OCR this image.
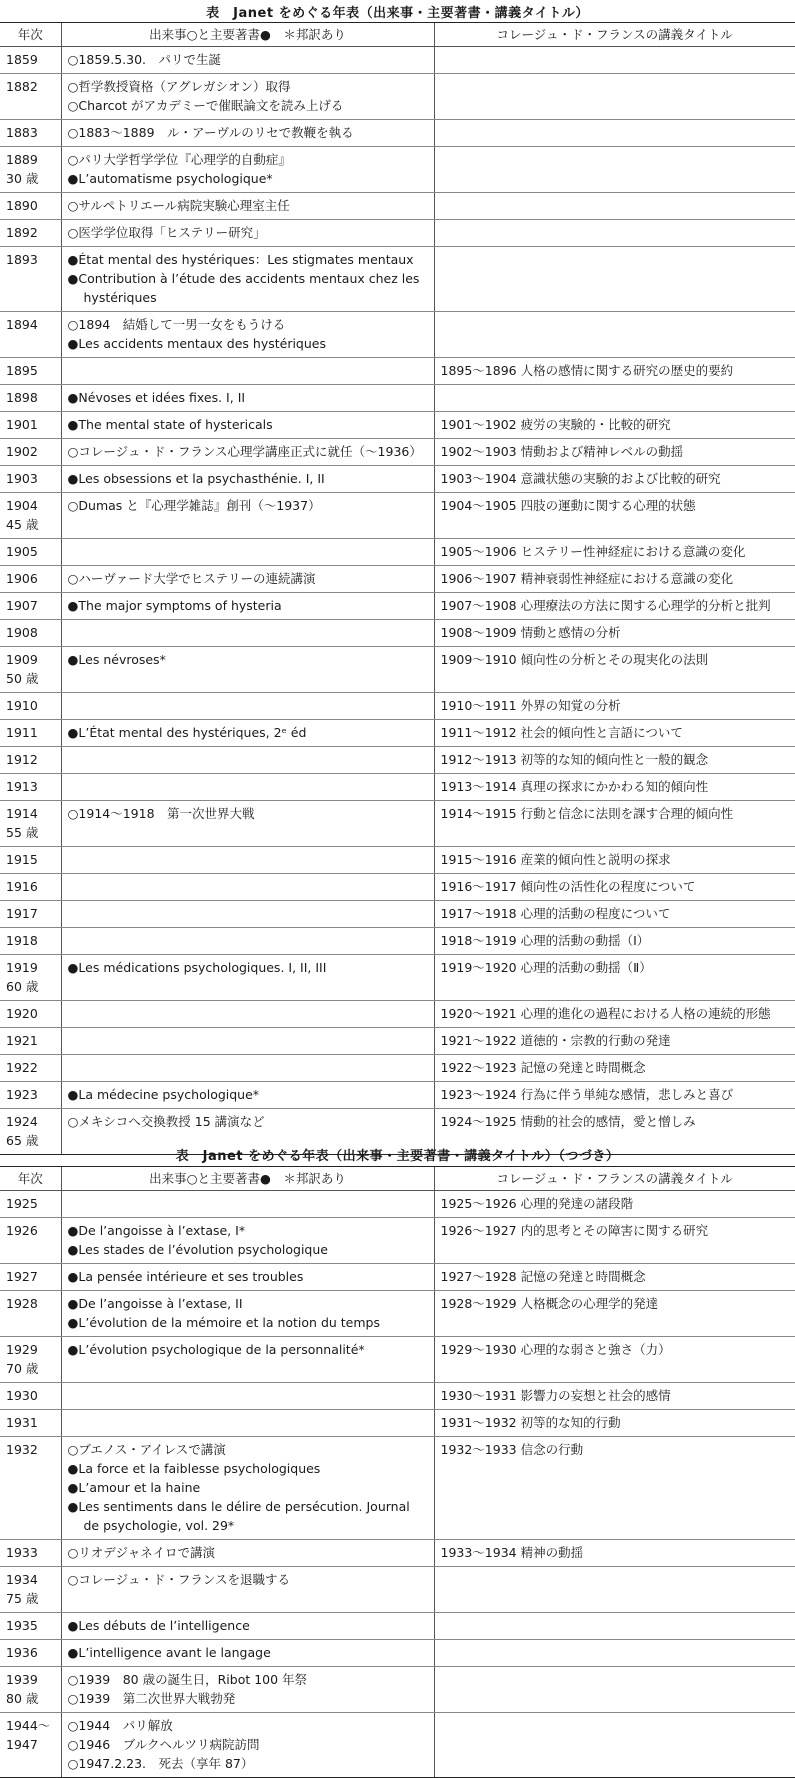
表　Janet をめぐる年表（出来事・主要著書・講義タイトル）
年次	出来事○と主要著書●　＊邦訳あり	コレージュ・ド・フランスの講義タイトル

1859	○1859.5.30.　パリで生誕	

1882	○哲学教授資格（アグレガシオン）取得
○Charcot がアカデミーで催眠論文を読み上げる	

1883	○1883〜1889　ル・アーヴルのリセで教鞭を執る	

1889
30 歳	○パリ大学哲学学位『心理学的自動症』
●L’automatisme psychologique*	

1890	○サルペトリエール病院実験心理室主任	

1892	○医学学位取得「ヒステリー研究」	

1893	●État mental des hystériques：Les stigmates mentaux
●Contribution à l’étude des accidents mentaux chez les hystériques	

1894	○1894　結婚して一男一女をもうける
●Les accidents mentaux des hystériques	

1895		1895〜1896 人格の感情に関する研究の歴史的要約

1898	●Névoses et idées fixes. I, II	

1901	●The mental state of hystericals	1901〜1902 疲労の実験的・比較的研究

1902	○コレージュ・ド・フランス心理学講座正式に就任（〜1936）	1902〜1903 情動および精神レベルの動揺

1903	●Les obsessions et la psychasthénie. I, II	1903〜1904 意識状態の実験的および比較的研究

1904
45 歳	○Dumas と『心理学雑誌』創刊（〜1937）	1904〜1905 四肢の運動に関する心理的状態

1905		1905〜1906 ヒステリー性神経症における意識の変化

1906	○ハーヴァード大学でヒステリーの連続講演	1906〜1907 精神衰弱性神経症における意識の変化

1907	●The major symptoms of hysteria	1907〜1908 心理療法の方法に関する心理学的分析と批判

1908		1908〜1909 情動と感情の分析

1909
50 歳	●Les névroses*	1909〜1910 傾向性の分析とその現実化の法則

1910		1910〜1911 外界の知覚の分析

1911	●L’État mental des hystériques, 2ᵉ éd	1911〜1912 社会的傾向性と言語について

1912		1912〜1913 初等的な知的傾向性と一般的観念

1913		1913〜1914 真理の探求にかかわる知的傾向性

1914
55 歳	○1914〜1918　第一次世界大戦	1914〜1915 行動と信念に法則を課す合理的傾向性

1915		1915〜1916 産業的傾向性と説明の探求

1916		1916〜1917 傾向性の活性化の程度について

1917		1917〜1918 心理的活動の程度について

1918		1918〜1919 心理的活動の動揺（Ⅰ）

1919
60 歳	●Les médications psychologiques. I, II, III	1919〜1920 心理的活動の動揺（Ⅱ）

1920		1920〜1921 心理的進化の過程における人格の連続的形態

1921		1921〜1922 道徳的・宗教的行動の発達

1922		1922〜1923 記憶の発達と時間概念

1923	●La médecine psychologique*	1923〜1924 行為に伴う単純な感情，悲しみと喜び

1924
65 歳	○メキシコへ交換教授 15 講演など	1924〜1925 情動的社会的感情，愛と憎しみ
表　Janet をめぐる年表（出来事・主要著書・講義タイトル）（つづき）
年次	出来事○と主要著書●　＊邦訳あり	コレージュ・ド・フランスの講義タイトル

1925		1925〜1926 心理的発達の諸段階

1926	●De l’angoisse à l’extase, I*
●Les stades de l’évolution psychologique	1926〜1927 内的思考とその障害に関する研究

1927	●La pensée intérieure et ses troubles	1927〜1928 記憶の発達と時間概念

1928	●De l’angoisse à l’extase, II
●L’évolution de la mémoire et la notion du temps	1928〜1929 人格概念の心理学的発達

1929
70 歳	●L’évolution psychologique de la personnalité*	1929〜1930 心理的な弱さと強さ（力）

1930		1930〜1931 影響力の妄想と社会的感情

1931		1931〜1932 初等的な知的行動

1932	○ブエノス・アイレスで講演
●La force et la faiblesse psychologiques
●L’amour et la haine
●Les sentiments dans le délire de persécution. Journal de psychologie, vol. 29*	1932〜1933 信念の行動

1933	○リオデジャネイロで講演	1933〜1934 精神の動揺

1934
75 歳	○コレージュ・ド・フランスを退職する	

1935	●Les débuts de l’intelligence	

1936	●L’intelligence avant le langage	

1939
80 歳	○1939　80 歳の誕生日，Ribot 100 年祭
○1939　第二次世界大戦勃発	

1944〜
1947	○1944　パリ解放
○1946　ブルクヘルツリ病院訪問
○1947.2.23.　死去（享年 87）	
